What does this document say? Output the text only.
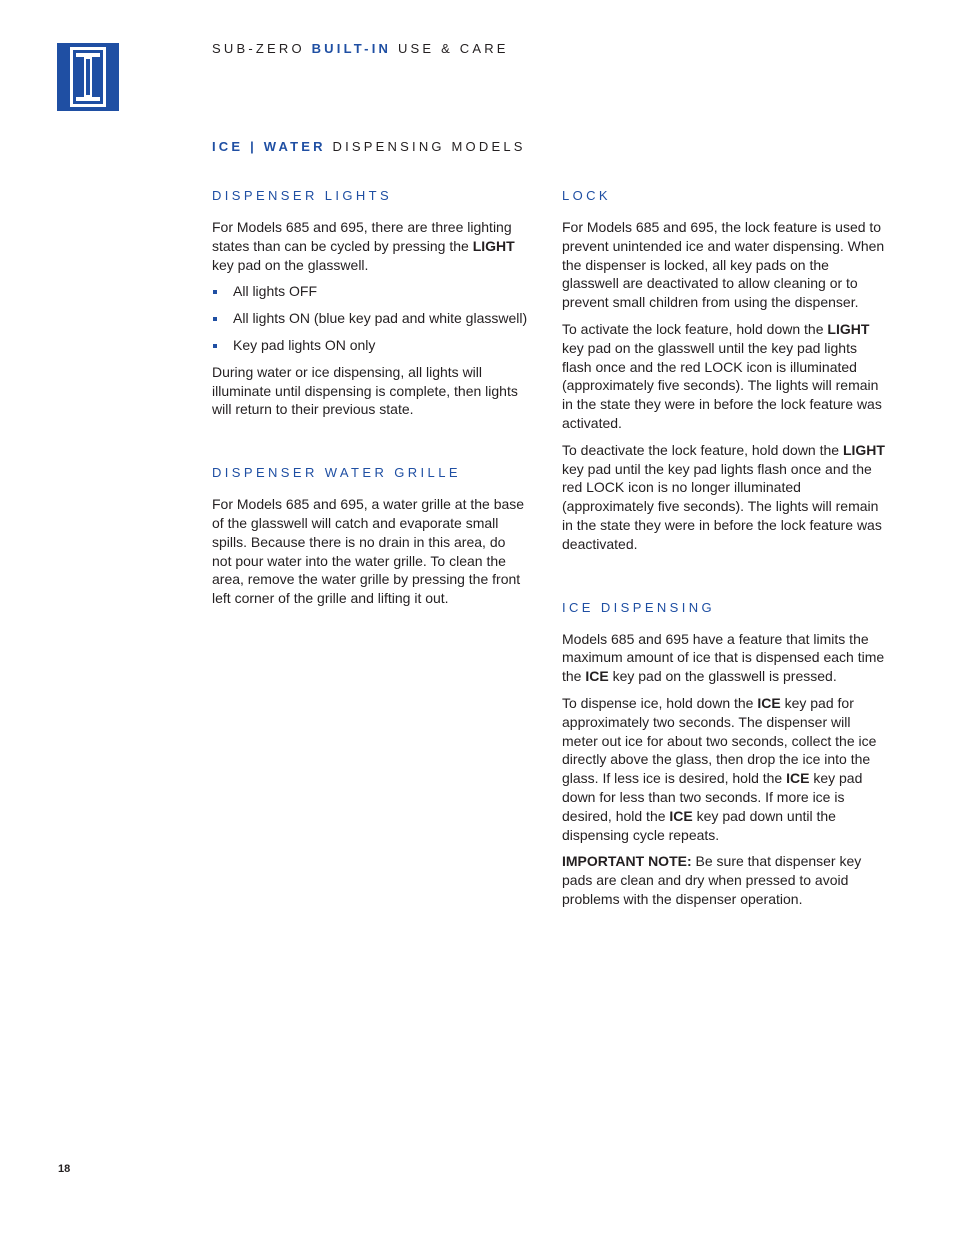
SUB-ZERO BUILT-IN USE & CARE
ICE | WATER DISPENSING MODELS
DISPENSER LIGHTS

For Models 685 and 695, there are three lighting states than can be cycled by pressing the LIGHT key pad on the glasswell.

All lights OFF
All lights ON (blue key pad and white glasswell)
Key pad lights ON only

During water or ice dispensing, all lights will illuminate until dispensing is complete, then lights will return to their previous state.

DISPENSER WATER GRILLE

For Models 685 and 695, a water grille at the base of the glasswell will catch and evaporate small spills. Because there is no drain in this area, do not pour water into the water grille. To clean the area, remove the water grille by pressing the front left corner of the grille and lifting it out.

LOCK

For Models 685 and 695, the lock feature is used to prevent unintended ice and water dispensing. When the dispenser is locked, all key pads on the glasswell are deactivated to allow cleaning or to prevent small children from using the dispenser.

To activate the lock feature, hold down the LIGHT key pad on the glasswell until the key pad lights flash once and the red LOCK icon is illuminated (approximately five seconds). The lights will remain in the state they were in before the lock feature was activated.

To deactivate the lock feature, hold down the LIGHT key pad until the key pad lights flash once and the red LOCK icon is no longer illuminated (approximately five seconds). The lights will remain in the state they were in before the lock feature was deactivated.

ICE DISPENSING

Models 685 and 695 have a feature that limits the maximum amount of ice that is dispensed each time the ICE key pad on the glasswell is pressed.

To dispense ice, hold down the ICE key pad for approximately two seconds. The dispenser will meter out ice for about two seconds, collect the ice directly above the glass, then drop the ice into the glass. If less ice is desired, hold the ICE key pad down for less than two seconds. If more ice is desired, hold the ICE key pad down until the dispensing cycle repeats.

IMPORTANT NOTE: Be sure that dispenser key pads are clean and dry when pressed to avoid problems with the dispenser operation.

18
